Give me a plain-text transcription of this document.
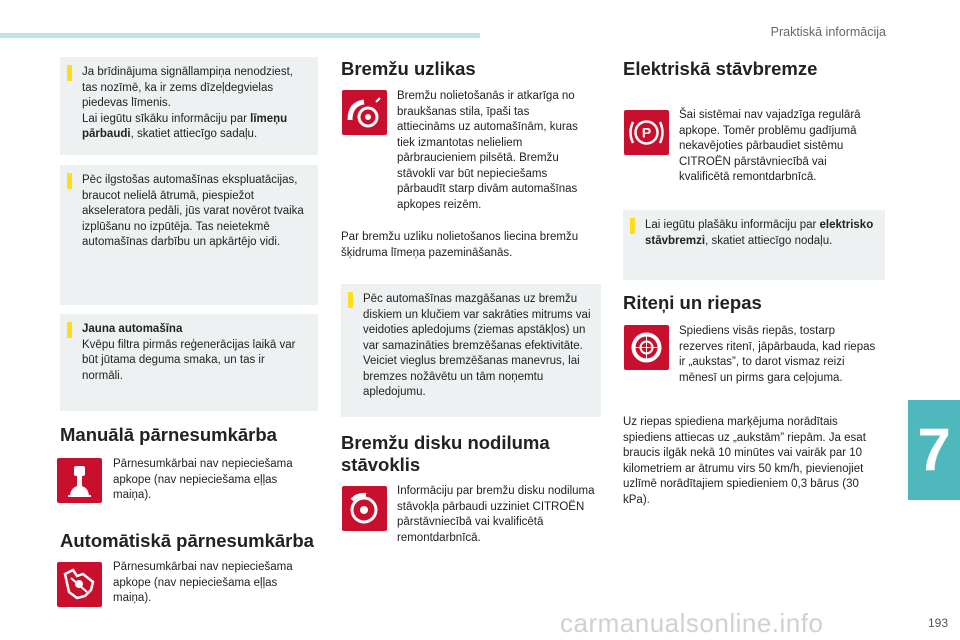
Praktiskā informācija
7
193
carmanualsonline.info
Ja brīdinājuma signāllampiņa nenodziest,
tas nozīmē, ka ir zems dīzeļdegvielas
piedevas līmenis.
Lai iegūtu sīkāku informāciju par līmeņu
pārbaudi, skatiet attiecīgo sadaļu.
Pēc ilgstošas automašīnas ekspluatācijas, braucot nelielā ātrumā, piespiežot akseleratora pedāli, jūs varat novērot tvaika izplūšanu no izpūtēja. Tas neietekmē automašīnas darbību un apkārtējo vidi.
Jauna automašīna
Kvēpu filtra pirmās reģenerācijas laikā var būt jūtama deguma smaka, un tas ir normāli.
Manuālā pārnesumkārba
Pārnesumkārbai nav nepieciešama apkope (nav nepieciešama eļļas maiņa).
Automātiskā pārnesumkārba
Pārnesumkārbai nav nepieciešama apkope (nav nepieciešama eļļas maiņa).
Bremžu uzlikas
Bremžu nolietošanās ir atkarīga no braukšanas stila, īpaši tas attiecināms uz automašīnām, kuras tiek izmantotas nelieliem pārbraucieniem pilsētā. Bremžu stāvokli var būt nepieciešams pārbaudīt starp divām automašīnas apkopes reizēm.
Par bremžu uzliku nolietošanos liecina bremžu šķidruma līmeņa pazemināšanās.
Pēc automašīnas mazgāšanas uz bremžu diskiem un klučiem var sakrāties mitrums vai veidoties apledojums (ziemas apstākļos) un var samazināties bremzēšanas efektivitāte. Veiciet vieglus bremzēšanas manevrus, lai bremzes nožāvētu un tām noņemtu apledojumu.
Bremžu disku nodiluma stāvoklis
Informāciju par bremžu disku nodiluma stāvokļa pārbaudi uzziniet CITROËN pārstāvniecībā vai kvalificētā remontdarbnīcā.
Elektriskā stāvbremze
P
Šai sistēmai nav vajadzīga regulārā apkope. Tomēr problēmu gadījumā nekavējoties pārbaudiet sistēmu CITROËN pārstāvniecībā vai kvalificētā remontdarbnīcā.
Lai iegūtu plašāku informāciju par elektrisko stāvbremzi, skatiet attiecīgo nodaļu.
Riteņi un riepas
Spiediens visās riepās, tostarp rezerves ritenī, jāpārbauda, kad riepas ir „aukstas”, to darot vismaz reizi mēnesī un pirms gara ceļojuma.
Uz riepas spiediena marķējuma norādītais spiediens attiecas uz „aukstām” riepām. Ja esat braucis ilgāk nekā 10 minūtes vai vairāk par 10 kilometriem ar ātrumu virs 50 km/h, pievienojiet uzlīmē norādītajiem spiedieniem 0,3 bārus (30 kPa).
